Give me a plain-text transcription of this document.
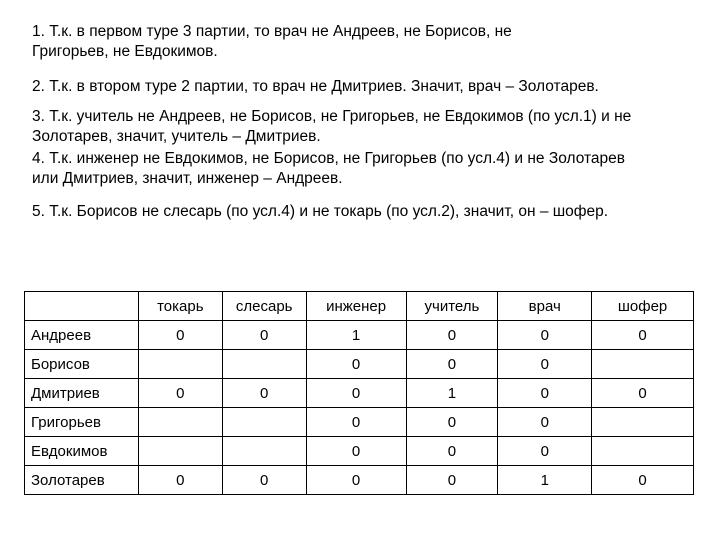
1. Т.к. в первом туре 3 партии, то врач не Андреев, не Борисов, не Григорьев, не Евдокимов.

2. Т.к. в втором туре 2 партии, то врач не Дмитриев. Значит, врач – Золотарев.

3. Т.к. учитель не Андреев, не Борисов, не Григорьев, не Евдокимов (по усл.1) и не Золотарев, значит, учитель – Дмитриев.

4. Т.к. инженер не Евдокимов, не Борисов, не Григорьев (по усл.4) и не Золотарев или Дмитриев, значит, инженер – Андреев.

5. Т.к. Борисов не слесарь (по усл.4) и не токарь (по усл.2), значит, он – шофер.

	токарь	слесарь	инженер	учитель	врач	шофер
Андреев	0	0	1	0	0	0
Борисов			0	0	0	
Дмитриев	0	0	0	1	0	0
Григорьев			0	0	0	
Евдокимов			0	0	0	
Золотарев	0	0	0	0	1	0
